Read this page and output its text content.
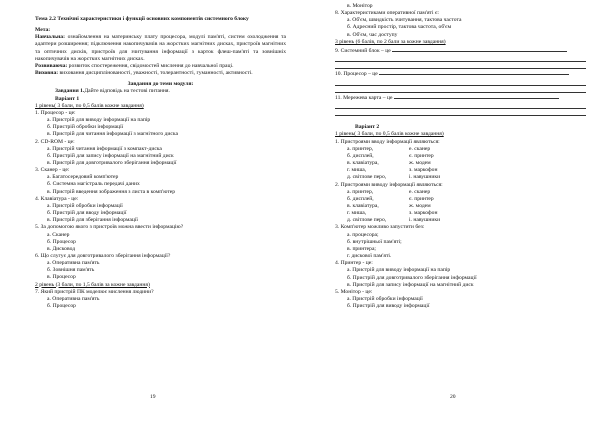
Тема 2.2 Технічні характеристики і функції основних компонентів системного блоку
Мета:
Навчальна: ознайомлення на материнську плату процесора, модулі пам'яті, систем охолодження та адаптери розширення; підключення накопичувачів на жорстких магнітних дисках, пристроїв магнітних та оптичних дисків, пристроїв для зчитування інформації з карток флеш-пам'яті та зовнішніх накопичувачів на жорстких магнітних дисках.
Розвиваюча: розвиток спостереження, свідомостей мислення до навчальної праці.
Виховна: виховання дисциплінованості, уважності, толерантності, гуманності, активності.
Завдання до теми модуля:
Завдання 1.Дайте відповідь на тестові питання.
Варіант 1
1 рівень( 3 бали, по 0,5 балів кожне завдання)
1. Процесор - це:
а. Пристрій для виводу інформації на папір
б. Пристрій обробки інформації
в. Пристрій для читання інформації з магнітного диска
2. CD-ROM - це:
а. Пристрій читання інформації з компакт-диска
б. Пристрій для запису інформації на магнітний диск
в. Пристрій для довготривалого зберігання інформації
3. Сканер - це:
а. Багатосередовий комп'ютер
б. Системна магістраль передачі даних
в. Пристрій введення зображення з листа в комп'ютер
4. Клавіатура - це:
а. Пристрій обробки інформації
б. Пристрій для вводу інформації
в. Пристрій для зберігання інформації
5. За допомогою якого з пристроїв можна ввести інформацію?
а. Сканер
б. Процесор
в. Дисковод
6. Що слугує для довготривалого зберігання інформації?
а. Оперативна пам'ять
б. Зовнішня пам'ять
в. Процесор
2 рівень (3 бали, по 1,5 балів за кожне завдання)
7. Який пристрій ПК моделює мислення людини?
а. Оперативна пам'ять
б. Процесор
19
в. Монітор
8. Характеристиками оперативної пам'яті є:
а. Об'єм, швидкість зчитування, тактова частота
б. Адресний простір, тактова частота, об'єм
в. Об'єм, час доступу
3 рівень (6 балів, по 2 бали за кожне завдання)
9. Системний блок – це
10. Процесор – це
11. Мережева карта – це
Варіант 2
1 рівень( 3 бали, по 0,5 балів кожне завдання)
1. Пристроями вводу інформації являються:
а. принтер,	е. сканер
б. дисплей,	є. принтер
в. клавіатура,	ж. модем
г. миша,	з. маркофон
д. світлове перо,	і. навушники
2. Пристроями виводу інформації являються:
а. принтер,	е. сканер
б. дисплей,	є. принтер
в. клавіатура,	ж. модем
г. миша,	з. маркофон
д. світлове перо,	і. навушники
3. Комп'ютер можливо запустити без:
а. процесора;
б. внутрішньої пам'яті;
в. принтера;
г. дискової пам'яті.
4. Принтер - це:
а. Пристрій для виводу інформації на папір
б. Пристрій для довготривалого зберігання інформації
в. Пристрій для запису інформації на магнітний диск
5. Монітор - це:
а. Пристрій обробки інформації
б. Пристрій для виводу інформації
20
